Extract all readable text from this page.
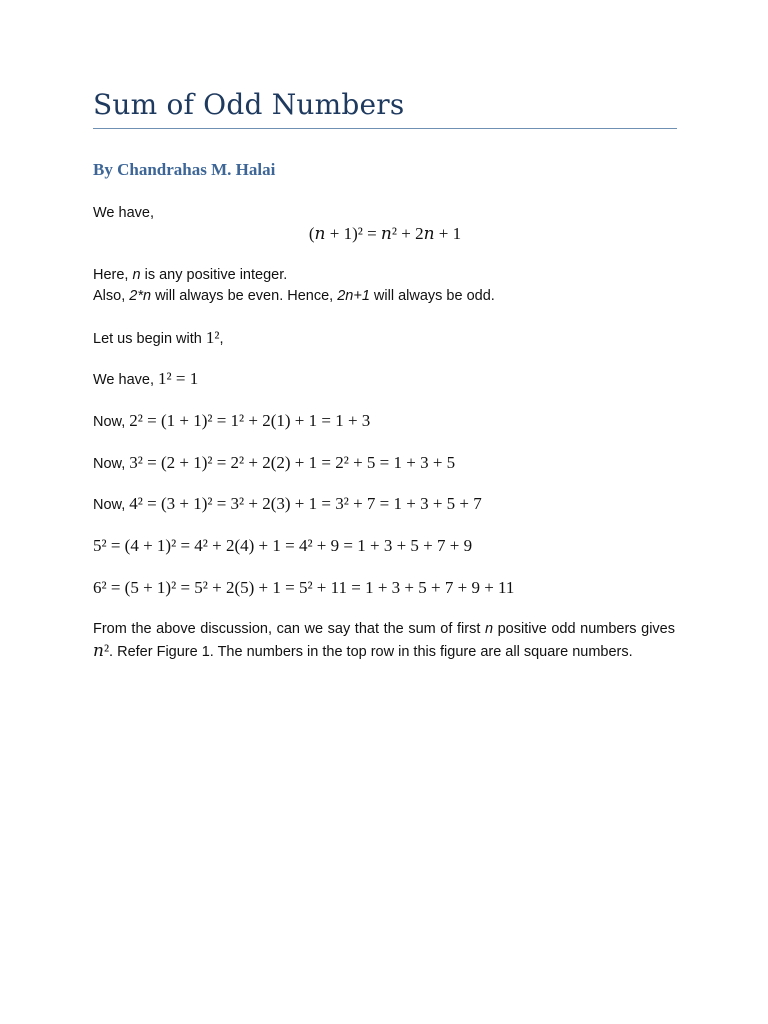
Sum of Odd Numbers
By Chandrahas M. Halai
We have,
(𝑛 + 1)² = 𝑛² + 2𝑛 + 1
Here, n is any positive integer.
Also, 2*n will always be even. Hence, 2n+1 will always be odd.
Let us begin with 1²,
We have, 1² = 1
Now, 2² = (1 + 1)² = 1² + 2(1) + 1 = 1 + 3
Now, 3² = (2 + 1)² = 2² + 2(2) + 1 = 2² + 5 = 1 + 3 + 5
Now, 4² = (3 + 1)² = 3² + 2(3) + 1 = 3² + 7 = 1 + 3 + 5 + 7
5² = (4 + 1)² = 4² + 2(4) + 1 = 4² + 9 = 1 + 3 + 5 + 7 + 9
6² = (5 + 1)² = 5² + 2(5) + 1 = 5² + 11 = 1 + 3 + 5 + 7 + 9 + 11
From the above discussion, can we say that the sum of first n positive odd numbers gives 𝑛². Refer Figure 1. The numbers in the top row in this figure are all square numbers.
